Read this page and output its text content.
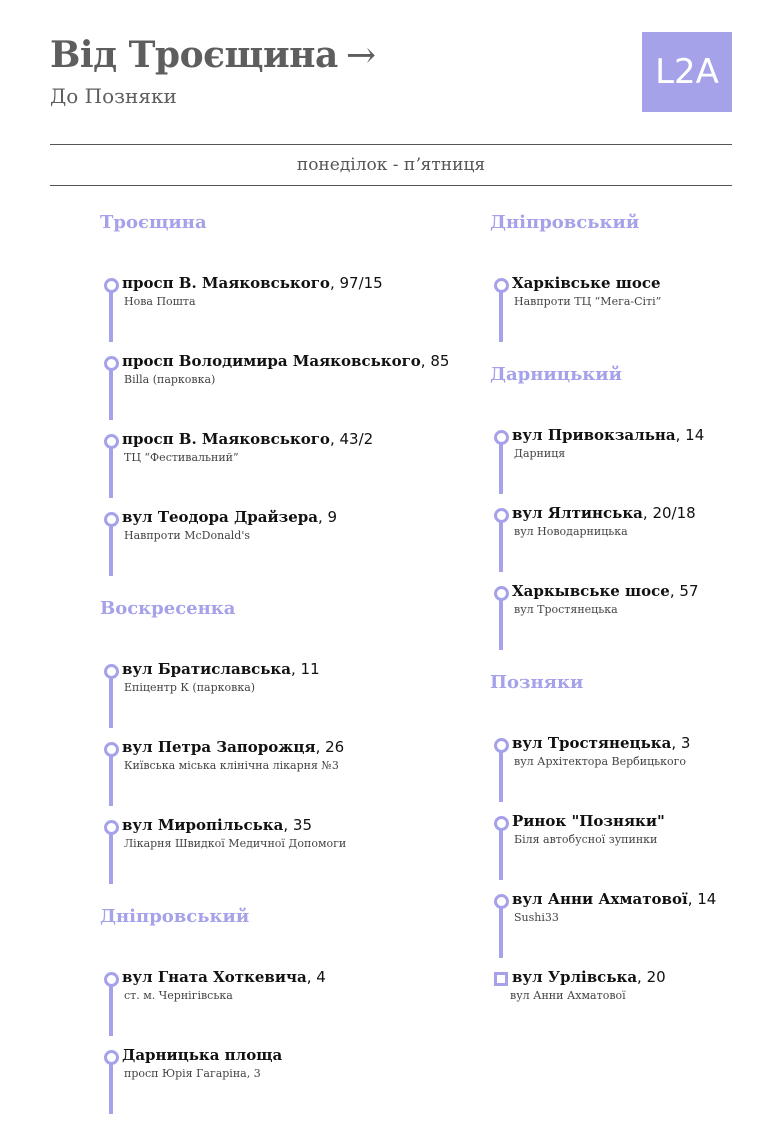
Від Троєщина →
До Позняки
L2A
понеділок - пʼятниця
Троєщина
просп В. Маяковського, 97/15
Нова Пошта
просп Володимира Маяковського, 85
Billa (парковка)
просп В. Маяковського, 43/2
ТЦ “Фестивальний”
вул Теодора Драйзера, 9
Навпроти McDonald's
Воскресенка
вул Братиславська, 11
Епіцентр К (парковка)
вул Петра Запорожця, 26
Київська міська клінічна лікарня №3
вул Миропільська, 35
Лікарня Швидкої Медичної Допомоги
Дніпровський
вул Гната Хоткевича, 4
ст. м. Чернігівська
Дарницька площа
просп Юрія Гагаріна, 3
Дніпровський
Харківське шосе
Навпроти ТЦ “Мега-Сіті”
Дарницький
вул Привокзальна, 14
Дарниця
вул Ялтинська, 20/18
вул Новодарницька
Харкывське шосе, 57
вул Тростянецька
Позняки
вул Тростянецька, 3
вул Архітектора Вербицького
Ринок "Позняки"
Біля автобусної зупинки
вул Анни Ахматової, 14
Sushi33
вул Урлівська, 20
вул Анни Ахматової
